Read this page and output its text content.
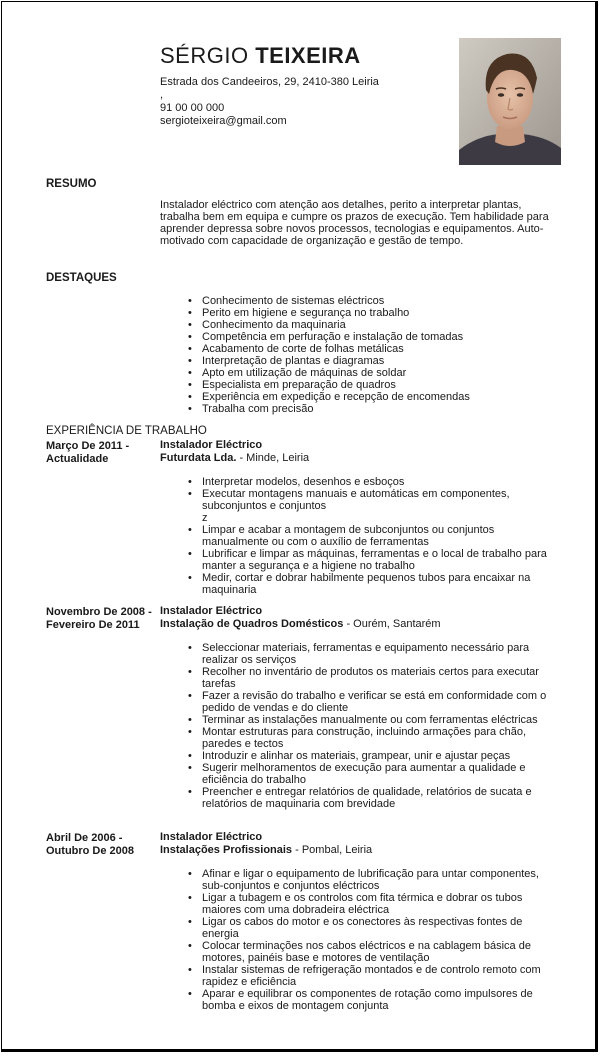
SÉRGIO TEIXEIRA
Estrada dos Candeeiros, 29, 2410-380 Leiria
,
91 00 00 000
sergioteixeira@gmail.com
RESUMO

Instalador eléctrico com atenção aos detalhes, perito a interpretar plantas, trabalha bem em equipa e cumpre os prazos de execução. Tem habilidade para aprender depressa sobre novos processos, tecnologias e equipamentos. Auto-motivado com capacidade de organização e gestão de tempo.

DESTAQUES
• Conhecimento de sistemas eléctricos
• Perito em higiene e segurança no trabalho
• Conhecimento da maquinaria
• Competência em perfuração e instalação de tomadas
• Acabamento de corte de folhas metálicas
• Interpretação de plantas e diagramas
• Apto em utilização de máquinas de soldar
• Especialista em preparação de quadros
• Experiência em expedição e recepção de encomendas
• Trabalha com precisão
EXPERIÊNCIA DE TRABALHO
Março De 2011 -
Actualidade
Instalador Eléctrico
Futurdata Lda. - Minde, Leiria
• Interpretar modelos, desenhos e esboços
• Executar montagens manuais e automáticas em componentes, subconjuntos e conjuntos
z
• Limpar e acabar a montagem de subconjuntos ou conjuntos manualmente ou com o auxílio de ferramentas
• Lubrificar e limpar as máquinas, ferramentas e o local de trabalho para manter a segurança e a higiene no trabalho
• Medir, cortar e dobrar habilmente pequenos tubos para encaixar na maquinaria
Novembro De 2008 -
Fevereiro De 2011
Instalador Eléctrico
Instalação de Quadros Domésticos - Ourém, Santarém
• Seleccionar materiais, ferramentas e equipamento necessário para realizar os serviços
• Recolher no inventário de produtos os materiais certos para executar tarefas
• Fazer a revisão do trabalho e verificar se está em conformidade com o pedido de vendas e do cliente
• Terminar as instalações manualmente ou com ferramentas eléctricas
• Montar estruturas para construção, incluindo armações para chão, paredes e tectos
• Introduzir e alinhar os materiais, grampear, unir e ajustar peças
• Sugerir melhoramentos de execução para aumentar a qualidade e eficiência do trabalho
• Preencher e entregar relatórios de qualidade, relatórios de sucata e relatórios de maquinaria com brevidade
Abril De 2006 -
Outubro De 2008
Instalador Eléctrico
Instalações Profissionais - Pombal, Leiria
• Afinar e ligar o equipamento de lubrificação para untar componentes, sub-conjuntos e conjuntos eléctricos
• Ligar a tubagem e os controlos com fita térmica e dobrar os tubos maiores com uma dobradeira eléctrica
• Ligar os cabos do motor e os conectores às respectivas fontes de energia
• Colocar terminações nos cabos eléctricos e na cablagem básica de motores, painéis base e motores de ventilação
• Instalar sistemas de refrigeração montados e de controlo remoto com rapidez e eficiência
• Aparar e equilibrar os componentes de rotação como impulsores de bomba e eixos de montagem conjunta
